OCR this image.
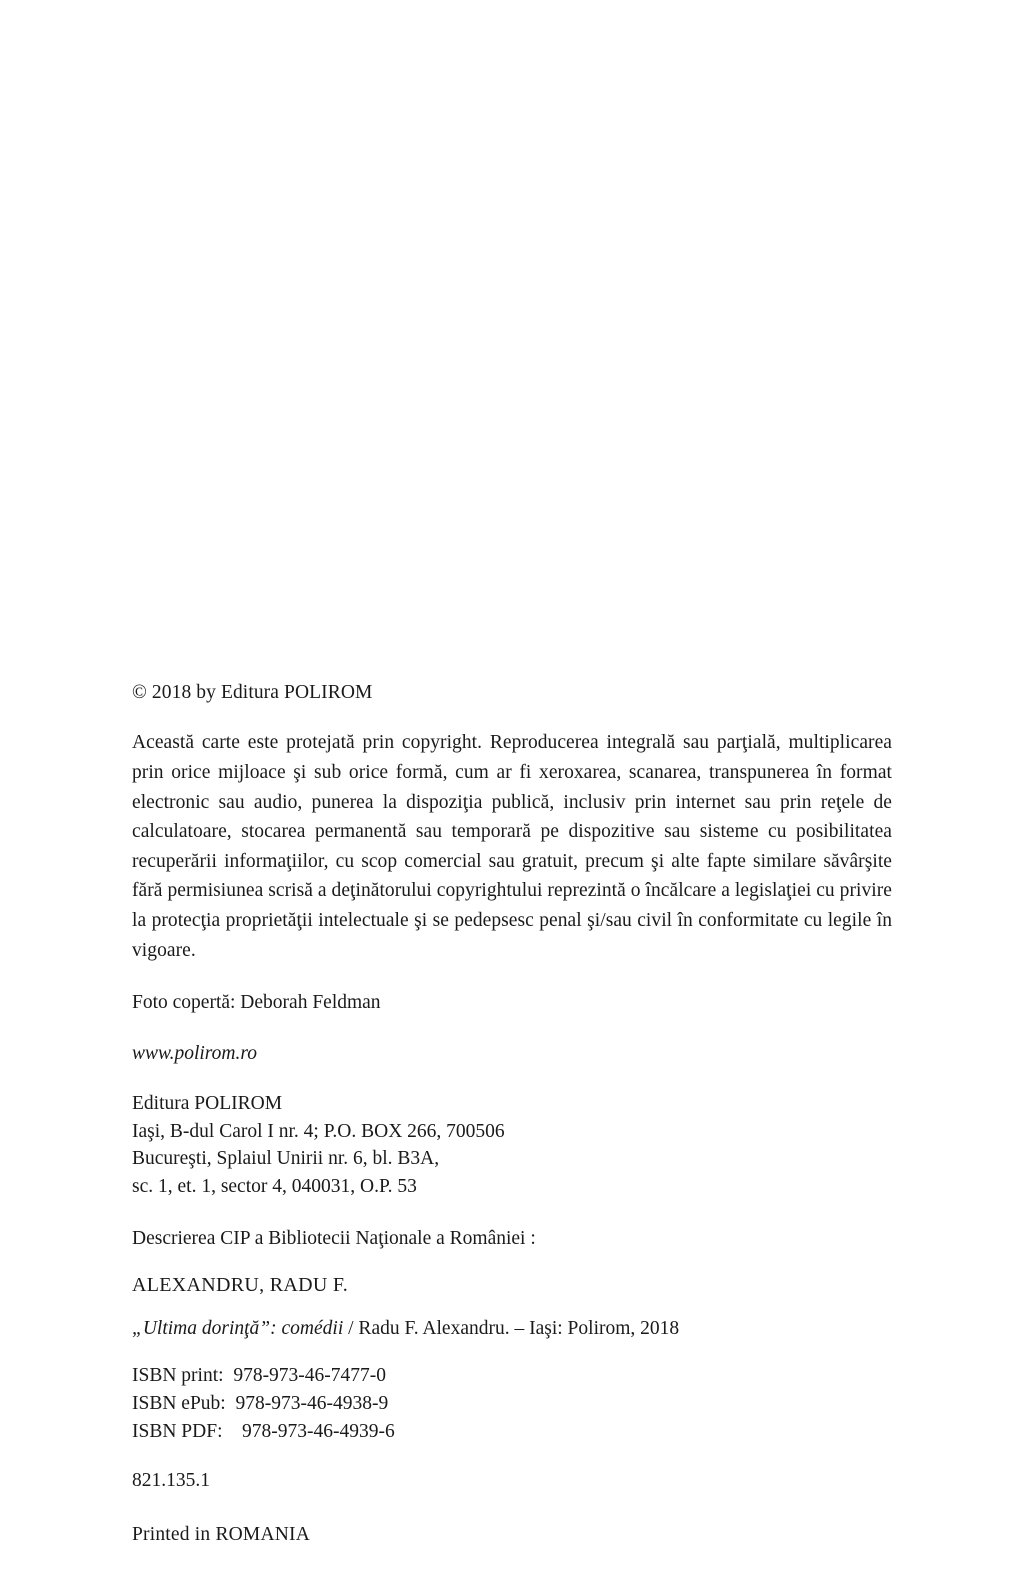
© 2018 by Editura POLIROM

Această carte este protejată prin copyright. Reproducerea integrală sau parţială, multiplicarea prin orice mijloace şi sub orice formă, cum ar fi xeroxarea, scanarea, transpunerea în format electronic sau audio, punerea la dispoziţia publică, inclusiv prin internet sau prin reţele de calculatoare, stocarea permanentă sau temporară pe dispozitive sau sisteme cu posibilitatea recuperării informaţiilor, cu scop comercial sau gratuit, precum şi alte fapte similare săvârşite fără permisiunea scrisă a deţinătorului copyrightului reprezintă o încălcare a legislaţiei cu privire la protecţia proprietăţii intelectuale şi se pedepsesc penal şi/sau civil în conformitate cu legile în vigoare.

Foto copertă: Deborah Feldman

www.polirom.ro

Editura POLIROM
Iaşi, B-dul Carol I nr. 4; P.O. BOX 266, 700506
Bucureşti, Splaiul Unirii nr. 6, bl. B3A,
sc. 1, et. 1, sector 4, 040031, O.P. 53

Descrierea CIP a Bibliotecii Naţionale a României :

ALEXANDRU, RADU F.

„Ultima dorinţă”: comédii / Radu F. Alexandru. – Iaşi: Polirom, 2018

ISBN print: 978-973-46-7477-0
ISBN ePub: 978-973-46-4938-9
ISBN PDF: 978-973-46-4939-6

821.135.1

Printed in ROMANIA
